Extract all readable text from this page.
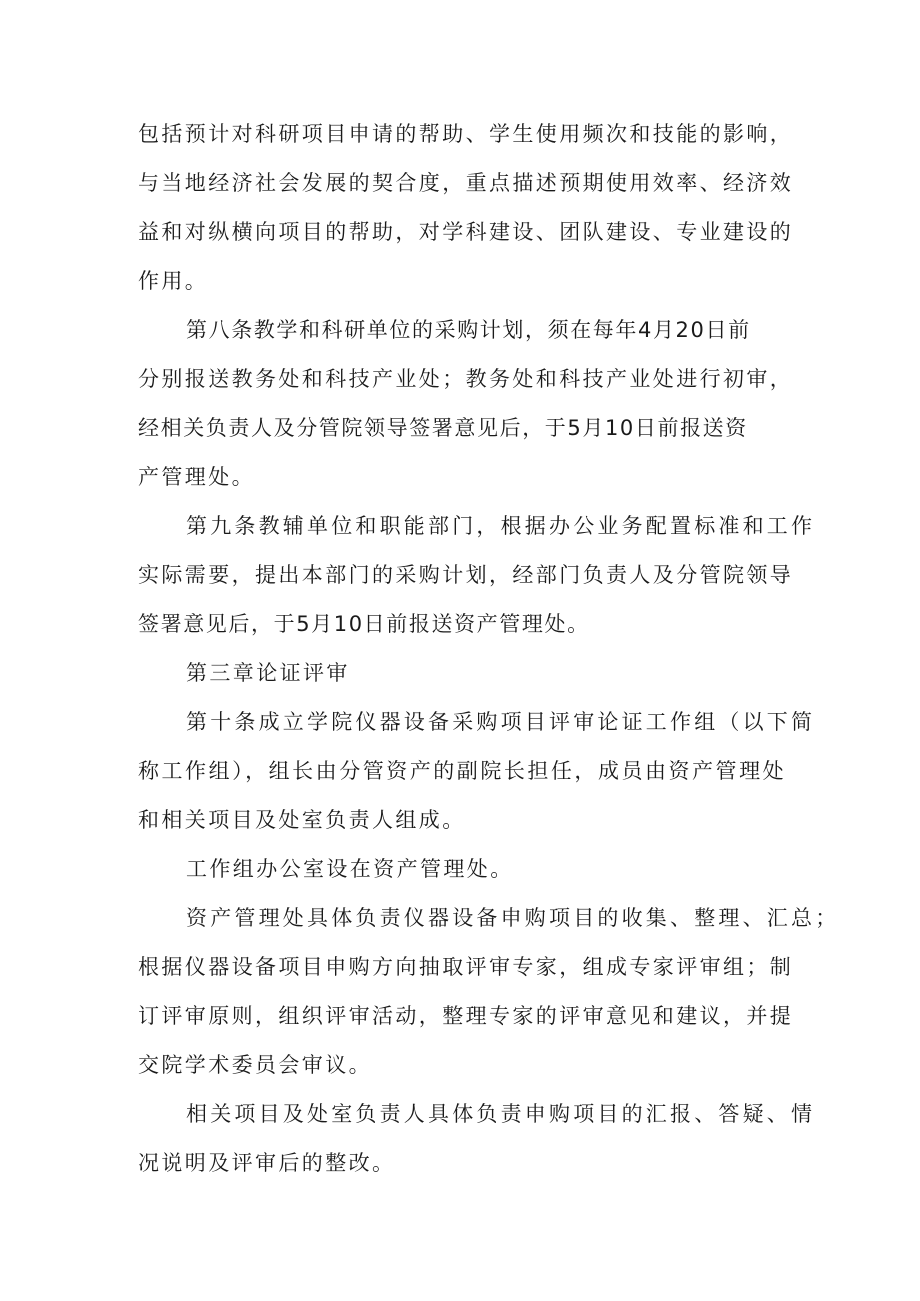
包括预计对科研项目申请的帮助、学生使用频次和技能的影响，

与当地经济社会发展的契合度，重点描述预期使用效率、经济效

益和对纵横向项目的帮助，对学科建设、团队建设、专业建设的

作用。

第八条教学和科研单位的采购计划，须在每年4月20日前

分别报送教务处和科技产业处；教务处和科技产业处进行初审，

经相关负责人及分管院领导签署意见后，于5月10日前报送资

产管理处。

第九条教辅单位和职能部门，根据办公业务配置标准和工作

实际需要，提出本部门的采购计划，经部门负责人及分管院领导

签署意见后，于5月10日前报送资产管理处。

第三章论证评审

第十条成立学院仪器设备采购项目评审论证工作组（以下简

称工作组），组长由分管资产的副院长担任，成员由资产管理处

和相关项目及处室负责人组成。

工作组办公室设在资产管理处。

资产管理处具体负责仪器设备申购项目的收集、整理、汇总；

根据仪器设备项目申购方向抽取评审专家，组成专家评审组；制

订评审原则，组织评审活动，整理专家的评审意见和建议，并提

交院学术委员会审议。

相关项目及处室负责人具体负责申购项目的汇报、答疑、情

况说明及评审后的整改。
